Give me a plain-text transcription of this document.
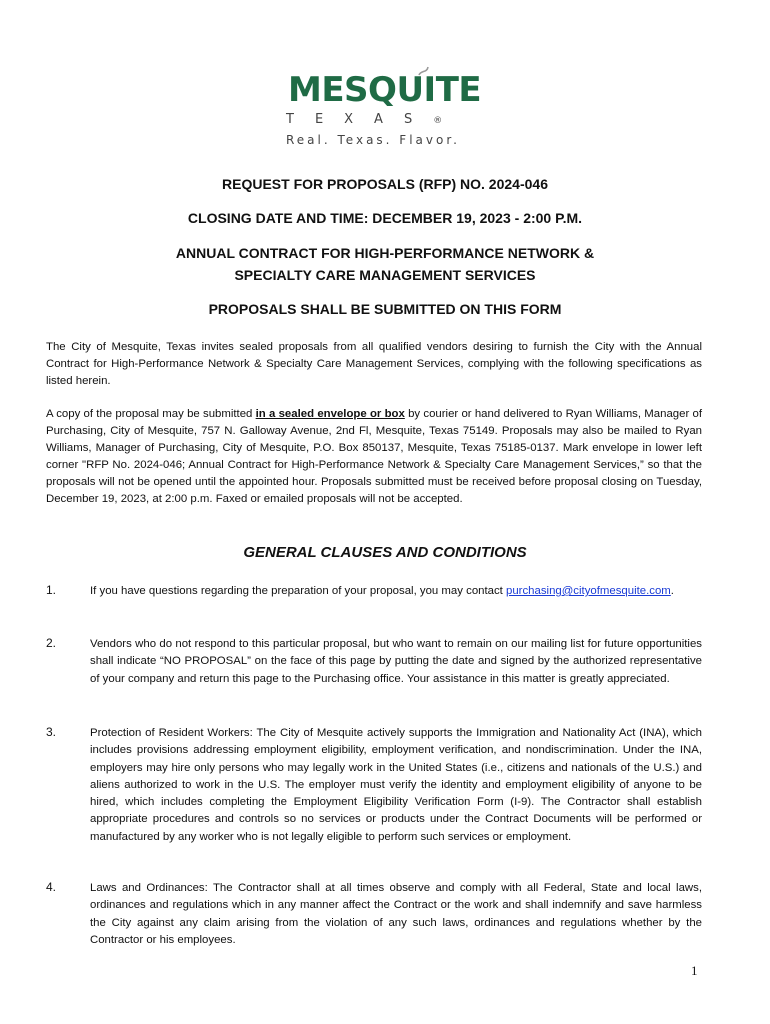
MESQUITE
TEXAS®
Real. Texas. Flavor.
REQUEST FOR PROPOSALS (RFP) NO. 2024-046
CLOSING DATE AND TIME: DECEMBER 19, 2023 - 2:00 P.M.
ANNUAL CONTRACT FOR HIGH-PERFORMANCE NETWORK &
SPECIALTY CARE MANAGEMENT SERVICES
PROPOSALS SHALL BE SUBMITTED ON THIS FORM
The City of Mesquite, Texas invites sealed proposals from all qualified vendors desiring to furnish the City with the Annual Contract for High-Performance Network & Specialty Care Management Services, complying with the following specifications as listed herein.
A copy of the proposal may be submitted in a sealed envelope or box by courier or hand delivered to Ryan Williams, Manager of Purchasing, City of Mesquite, 757 N. Galloway Avenue, 2nd Fl, Mesquite, Texas 75149. Proposals may also be mailed to Ryan Williams, Manager of Purchasing, City of Mesquite, P.O. Box 850137, Mesquite, Texas 75185-0137. Mark envelope in lower left corner "RFP No. 2024-046; Annual Contract for High-Performance Network & Specialty Care Management Services,” so that the proposals will not be opened until the appointed hour. Proposals submitted must be received before proposal closing on Tuesday, December 19, 2023, at 2:00 p.m. Faxed or emailed proposals will not be accepted.
GENERAL CLAUSES AND CONDITIONS
1.	If you have questions regarding the preparation of your proposal, you may contact purchasing@cityofmesquite.com.
2.	Vendors who do not respond to this particular proposal, but who want to remain on our mailing list for future opportunities shall indicate “NO PROPOSAL” on the face of this page by putting the date and signed by the authorized representative of your company and return this page to the Purchasing office. Your assistance in this matter is greatly appreciated.
3.	Protection of Resident Workers: The City of Mesquite actively supports the Immigration and Nationality Act (INA), which includes provisions addressing employment eligibility, employment verification, and nondiscrimination. Under the INA, employers may hire only persons who may legally work in the United States (i.e., citizens and nationals of the U.S.) and aliens authorized to work in the U.S. The employer must verify the identity and employment eligibility of anyone to be hired, which includes completing the Employment Eligibility Verification Form (I-9). The Contractor shall establish appropriate procedures and controls so no services or products under the Contract Documents will be performed or manufactured by any worker who is not legally eligible to perform such services or employment.
4.	Laws and Ordinances: The Contractor shall at all times observe and comply with all Federal, State and local laws, ordinances and regulations which in any manner affect the Contract or the work and shall indemnify and save harmless the City against any claim arising from the violation of any such laws, ordinances and regulations whether by the Contractor or his employees.
1
